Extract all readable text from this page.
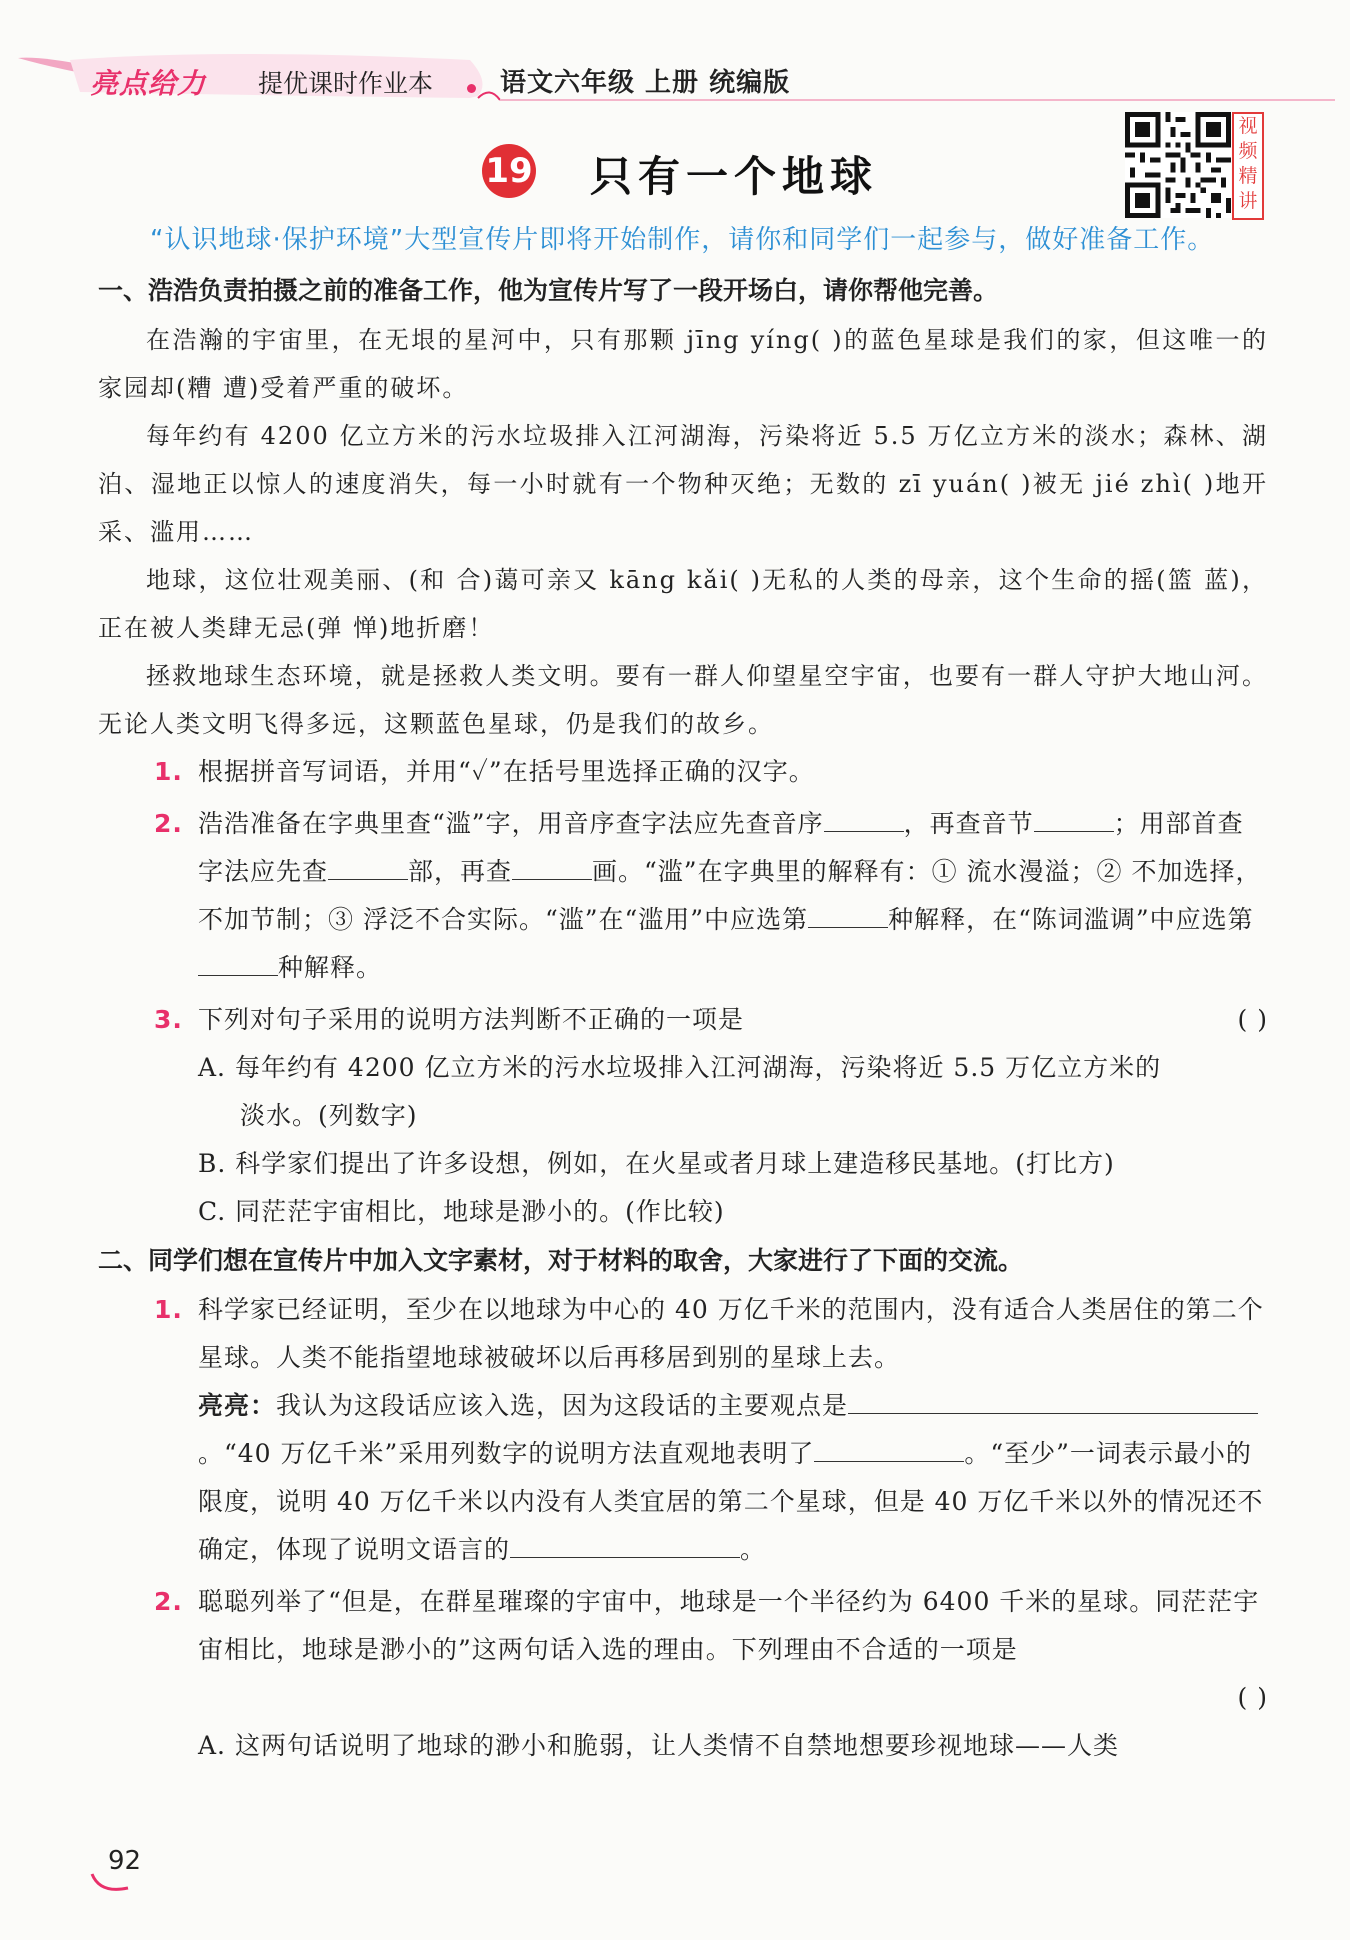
亮点给力 提优课时作业本	语文六年级 上册 统编版
19 只有一个地球
视
频
精
讲

“认识地球·保护环境”大型宣传片即将开始制作，请你和同学们一起参与，做好准备工作。

一、浩浩负责拍摄之前的准备工作，他为宣传片写了一段开场白，请你帮他完善。

在浩瀚的宇宙里，在无垠的星河中，只有那颗 jīng yíng( )的蓝色星球是我们的家，但这唯一的家园却(糟 遭)受着严重的破坏。

每年约有 4200 亿立方米的污水垃圾排入江河湖海，污染将近 5.5 万亿立方米的淡水；森林、湖泊、湿地正以惊人的速度消失，每一小时就有一个物种灭绝；无数的 zī yuán( )被无 jié zhì( )地开采、滥用……

地球，这位壮观美丽、(和 合)蔼可亲又 kāng kǎi( )无私的人类的母亲，这个生命的摇(篮 蓝)，正在被人类肆无忌(弹 惮)地折磨！

拯救地球生态环境，就是拯救人类文明。要有一群人仰望星空宇宙，也要有一群人守护大地山河。无论人类文明飞得多远，这颗蓝色星球，仍是我们的故乡。

1. 根据拼音写词语，并用“✓”在括号里选择正确的汉字。

2. 浩浩准备在字典里查“滥”字，用音序查字法应先查音序	，再查音节	；用部首查字法应先查	部，再查	画。“滥”在字典里的解释有：① 流水漫溢；② 不加选择，不加节制；③ 浮泛不合实际。“滥”在“滥用”中应选第	种解释，在“陈词滥调”中应选第种解释。

3. 下列对句子采用的说明方法判断不正确的一项是	( )

A. 每年约有 4200 亿立方米的污水垃圾排入江河湖海，污染将近 5.5 万亿立方米的

淡水。(列数字)

B. 科学家们提出了许多设想，例如，在火星或者月球上建造移民基地。(打比方)

C. 同茫茫宇宙相比，地球是渺小的。(作比较)

二、同学们想在宣传片中加入文字素材，对于材料的取舍，大家进行了下面的交流。

1. 科学家已经证明，至少在以地球为中心的 40 万亿千米的范围内，没有适合人类居住的第二个星球。人类不能指望地球被破坏以后再移居到别的星球上去。

亮亮：我认为这段话应该入选，因为这段话的主要观点是。“40 万亿千米”采用列数字的说明方法直观地表明了	。“至少”一词表示最小的限度，说明 40 万亿千米以内没有人类宜居的第二个星球，但是 40 万亿千米以外的情况还不确定，体现了说明文语言的	。

2. 聪聪列举了“但是，在群星璀璨的宇宙中，地球是一个半径约为 6400 千米的星球。同茫茫宇宙相比，地球是渺小的”这两句话入选的理由。下列理由不合适的一项是

( )

A. 这两句话说明了地球的渺小和脆弱，让人类情不自禁地想要珍视地球——人类

92
